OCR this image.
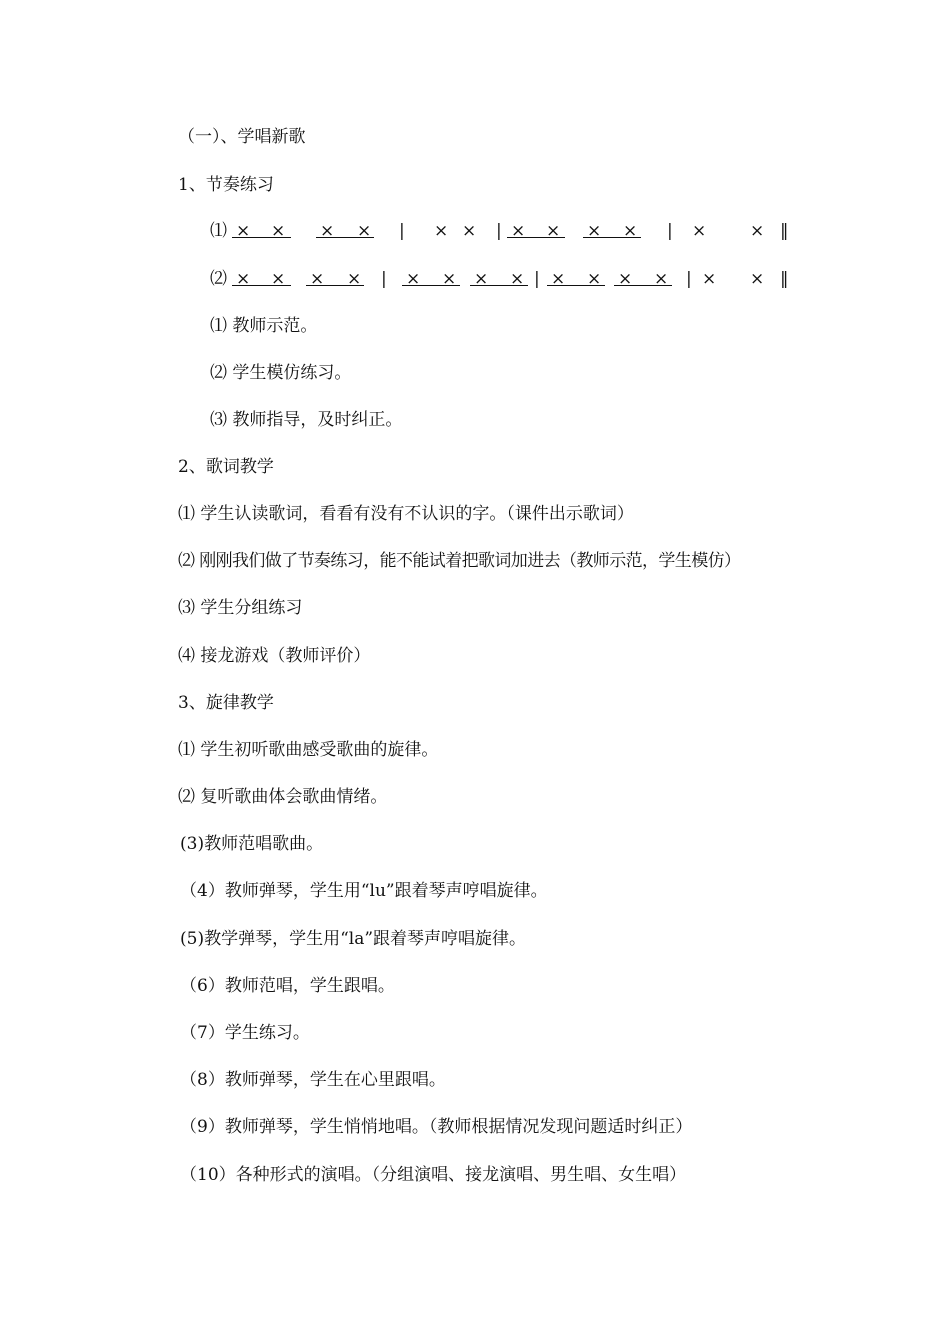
（一）、学唱新歌
1、节奏练习
⑴ × × × × | × × | × × × × | ×	× ‖
⑵ × × × × | × × × × | × × × × | × × ‖
⑴ 教师示范。
⑵ 学生模仿练习。
⑶ 教师指导，及时纠正。
2、歌词教学
⑴ 学生认读歌词，看看有没有不认识的字。（课件出示歌词）
⑵ 刚刚我们做了节奏练习，能不能试着把歌词加进去（教师示范，学生模仿）
⑶ 学生分组练习
⑷ 接龙游戏（教师评价）
3、旋律教学
⑴ 学生初听歌曲感受歌曲的旋律。
⑵ 复听歌曲体会歌曲情绪。
(3)教师范唱歌曲。
（4）教师弹琴，学生用“lu”跟着琴声哼唱旋律。
(5)教学弹琴，学生用“la”跟着琴声哼唱旋律。
（6）教师范唱，学生跟唱。
（7）学生练习。
（8）教师弹琴，学生在心里跟唱。
（9）教师弹琴，学生悄悄地唱。（教师根据情况发现问题适时纠正）
（10）各种形式的演唱。（分组演唱、接龙演唱、男生唱、女生唱）
